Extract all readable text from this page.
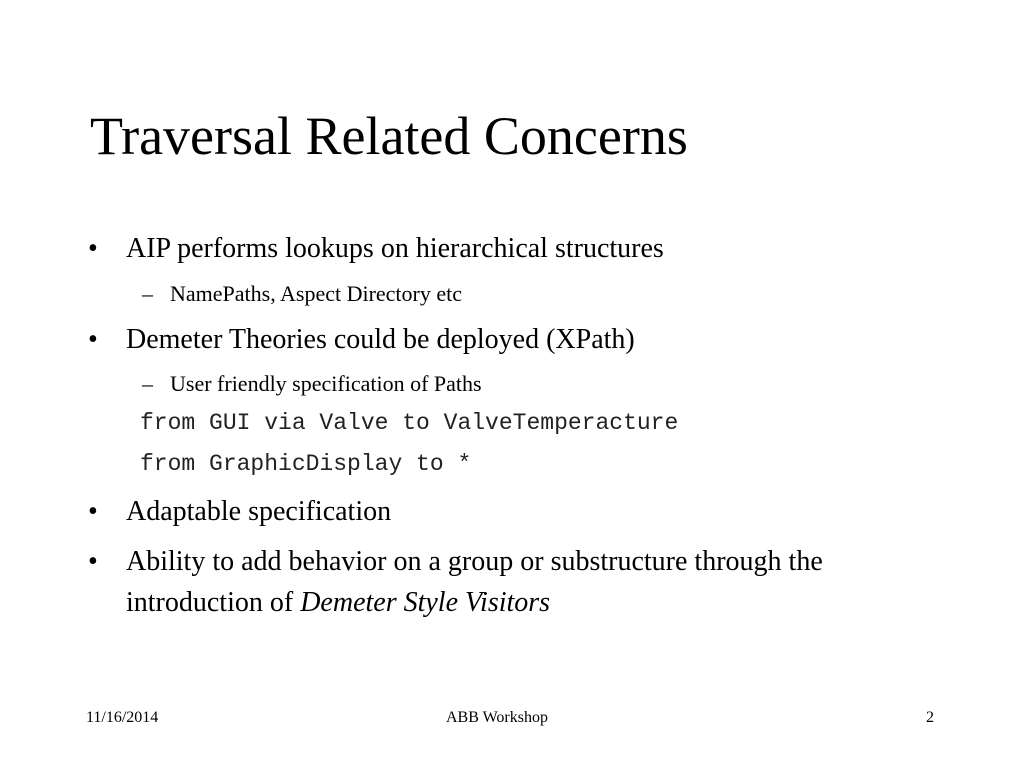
Traversal Related Concerns
• AIP performs lookups on hierarchical structures
– NamePaths, Aspect Directory etc
• Demeter Theories could be deployed (XPath)
– User friendly specification of Paths
from GUI via Valve to ValveTemperacture
from GraphicDisplay to *
• Adaptable specification
• Ability to add behavior on a group or substructure through the introduction of Demeter Style Visitors
11/16/2014	ABB Workshop	2
